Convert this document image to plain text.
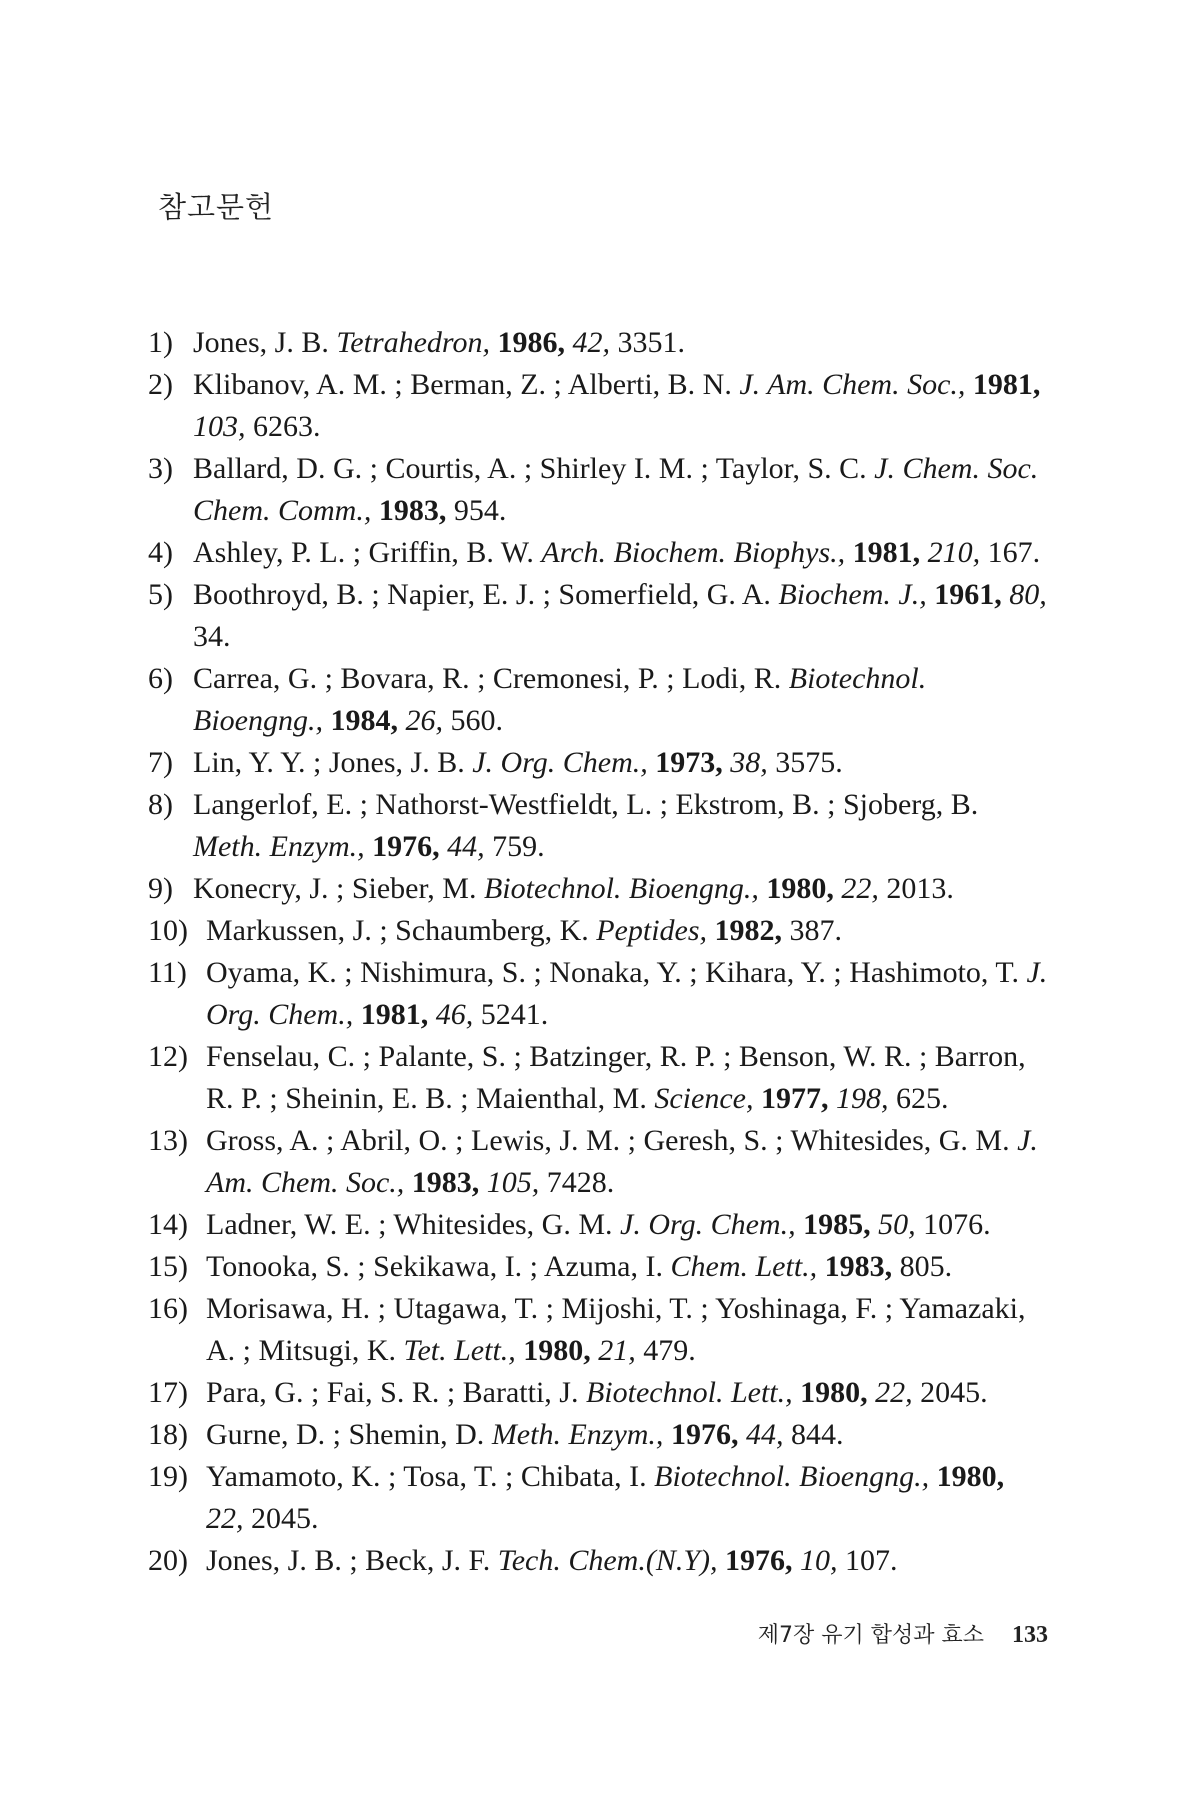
참고문헌
1) Jones, J. B. Tetrahedron, 1986, 42, 3351.
2) Klibanov, A. M. ; Berman, Z. ; Alberti, B. N. J. Am. Chem. Soc., 1981, 103, 6263.
3) Ballard, D. G. ; Courtis, A. ; Shirley I. M. ; Taylor, S. C. J. Chem. Soc. Chem. Comm., 1983, 954.
4) Ashley, P. L. ; Griffin, B. W. Arch. Biochem. Biophys., 1981, 210, 167.
5) Boothroyd, B. ; Napier, E. J. ; Somerfield, G. A. Biochem. J., 1961, 80, 34.
6) Carrea, G. ; Bovara, R. ; Cremonesi, P. ; Lodi, R. Biotechnol. Bioengng., 1984, 26, 560.
7) Lin, Y. Y. ; Jones, J. B. J. Org. Chem., 1973, 38, 3575.
8) Langerlof, E. ; Nathorst-Westfieldt, L. ; Ekstrom, B. ; Sjoberg, B. Meth. Enzym., 1976, 44, 759.
9) Konecry, J. ; Sieber, M. Biotechnol. Bioengng., 1980, 22, 2013.
10) Markussen, J. ; Schaumberg, K. Peptides, 1982, 387.
11) Oyama, K. ; Nishimura, S. ; Nonaka, Y. ; Kihara, Y. ; Hashimoto, T. J. Org. Chem., 1981, 46, 5241.
12) Fenselau, C. ; Palante, S. ; Batzinger, R. P. ; Benson, W. R. ; Barron, R. P. ; Sheinin, E. B. ; Maienthal, M. Science, 1977, 198, 625.
13) Gross, A. ; Abril, O. ; Lewis, J. M. ; Geresh, S. ; Whitesides, G. M. J. Am. Chem. Soc., 1983, 105, 7428.
14) Ladner, W. E. ; Whitesides, G. M. J. Org. Chem., 1985, 50, 1076.
15) Tonooka, S. ; Sekikawa, I. ; Azuma, I. Chem. Lett., 1983, 805.
16) Morisawa, H. ; Utagawa, T. ; Mijoshi, T. ; Yoshinaga, F. ; Yamazaki, A. ; Mitsugi, K. Tet. Lett., 1980, 21, 479.
17) Para, G. ; Fai, S. R. ; Baratti, J. Biotechnol. Lett., 1980, 22, 2045.
18) Gurne, D. ; Shemin, D. Meth. Enzym., 1976, 44, 844.
19) Yamamoto, K. ; Tosa, T. ; Chibata, I. Biotechnol. Bioengng., 1980, 22, 2045.
20) Jones, J. B. ; Beck, J. F. Tech. Chem.(N.Y), 1976, 10, 107.
제7장 유기 합성과 효소 133
